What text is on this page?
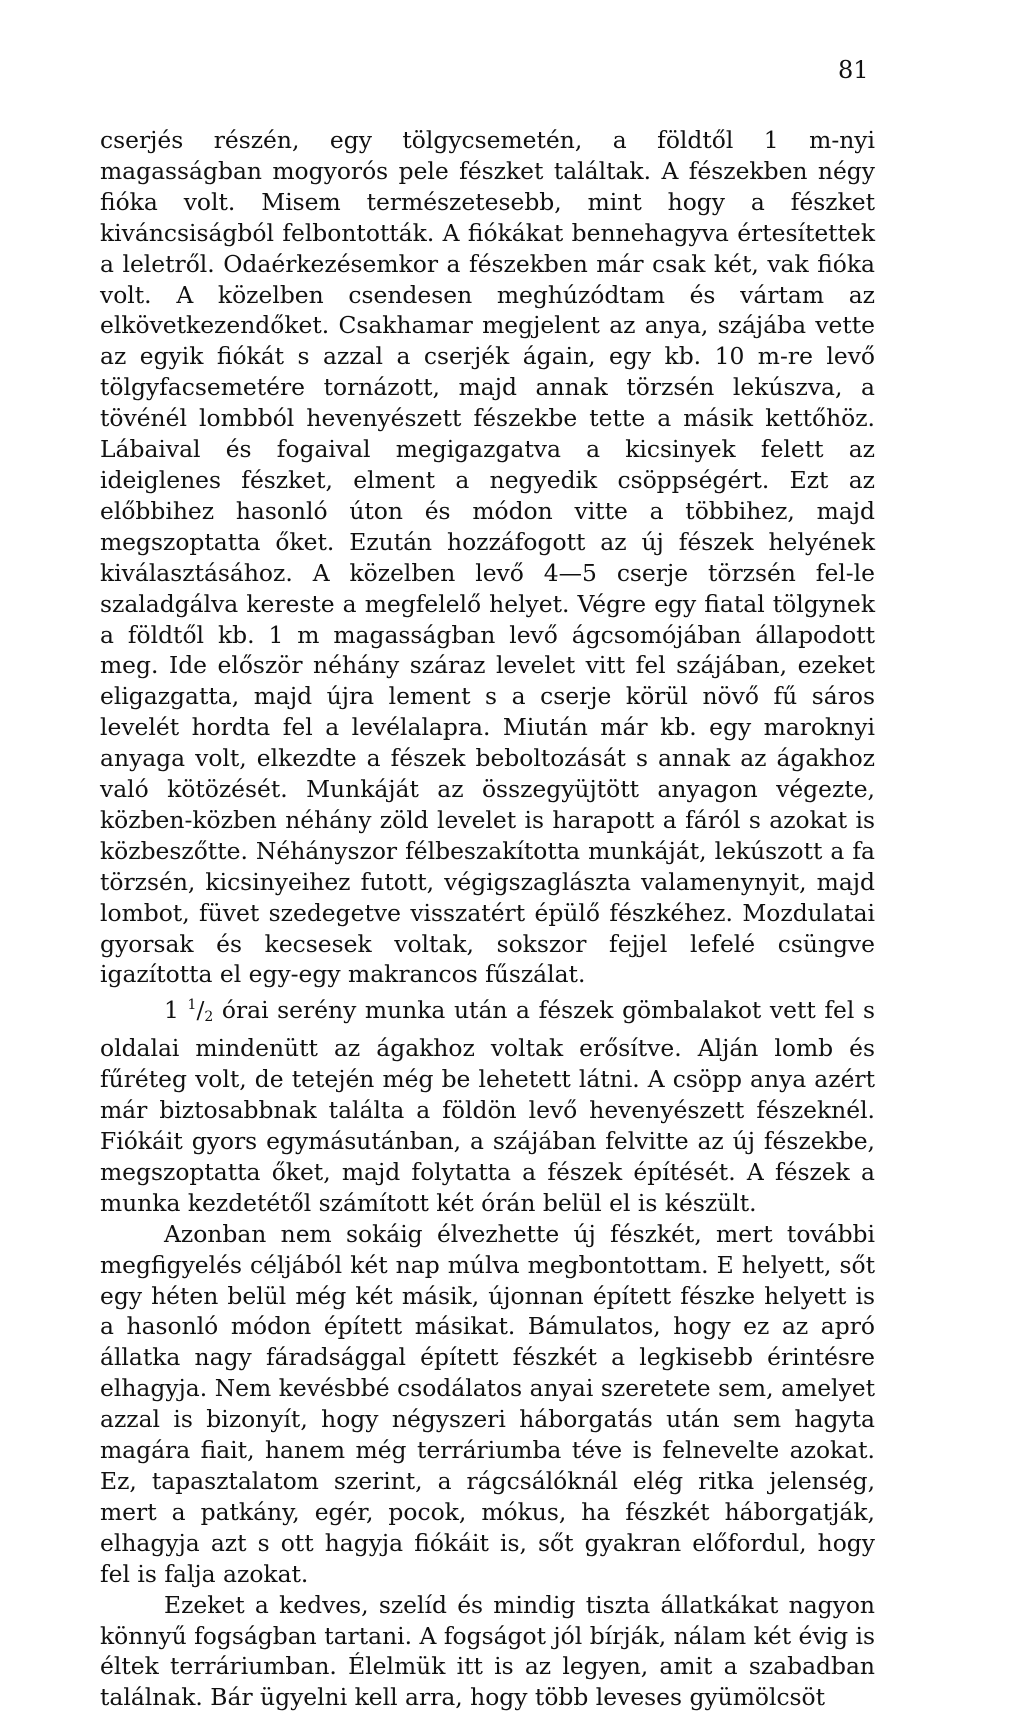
81

cserjés részén, egy tölgycsemetén, a földtől 1 m-nyi magasságban mogyorós pele fészket találtak. A fészekben négy fióka volt. Misem természetesebb, mint hogy a fészket kiváncsiságból felbontották. A fiókákat bennehagyva értesítettek a leletről. Odaérkezésemkor a fészekben már csak két, vak fióka volt. A közelben csendesen meghúzódtam és vártam az elkövetkezendőket. Csakhamar megjelent az anya, szájába vette az egyik fiókát s azzal a cserjék ágain, egy kb. 10 m-re levő tölgyfacsemetére tornázott, majd annak törzsén lekúszva, a tövénél lombból hevenyészett fészekbe tette a másik kettőhöz. Lábaival és fogaival megigazgatva a kicsinyek felett az ideiglenes fészket, elment a negyedik csöppségért. Ezt az előbbihez hasonló úton és módon vitte a többihez, majd megszoptatta őket. Ezután hozzáfogott az új fészek helyének kiválasztásához. A közelben levő 4—5 cserje törzsén fel-le szaladgálva kereste a megfelelő helyet. Végre egy fiatal tölgynek a földtől kb. 1 m magasságban levő ágcsomójában állapodott meg. Ide először néhány száraz levelet vitt fel szájában, ezeket eligazgatta, majd újra lement s a cserje körül növő fű sáros levelét hordta fel a levélalapra. Miután már kb. egy maroknyi anyaga volt, elkezdte a fészek beboltozását s annak az ágakhoz való kötözését. Munkáját az összegyüjtött anyagon végezte, közben-közben néhány zöld levelet is harapott a fáról s azokat is közbeszőtte. Néhányszor félbeszakította munkáját, lekúszott a fa törzsén, kicsinyeihez futott, végigszaglászta valamenynyit, majd lombot, füvet szedegetve visszatért épülő fészkéhez. Mozdulatai gyorsak és kecsesek voltak, sokszor fejjel lefelé csüngve igazította el egy-egy makrancos fűszálat.

1 $^1$/2 órai serény munka után a fészek gömbalakot vett fel s oldalai mindenütt az ágakhoz voltak erősítve. Alján lomb és fűréteg volt, de tetején még be lehetett látni. A csöpp anya azért már biztosabbnak találta a földön levő hevenyészett fészeknél. Fiókáit gyors egymásutánban, a szájában felvitte az új fészekbe, megszoptatta őket, majd folytatta a fészek építését. A fészek a munka kezdetétől számított két órán belül el is készült.

Azonban nem sokáig élvezhette új fészkét, mert további megfigyelés céljából két nap múlva megbontottam. E helyett, sőt egy héten belül még két másik, újonnan épített fészke helyett is a hasonló módon épített másikat. Bámulatos, hogy ez az apró állatka nagy fáradsággal épített fészkét a legkisebb érintésre elhagyja. Nem kevésbbé csodálatos anyai szeretete sem, amelyet azzal is bizonyít, hogy négyszeri háborgatás után sem hagyta magára fiait, hanem még terráriumba téve is felnevelte azokat. Ez, tapasztalatom szerint, a rágcsálóknál elég ritka jelenség, mert a patkány, egér, pocok, mókus, ha fészkét háborgatják, elhagyja azt s ott hagyja fiókáit is, sőt gyakran előfordul, hogy fel is falja azokat.

Ezeket a kedves, szelíd és mindig tiszta állatkákat nagyon könnyű fogságban tartani. A fogságot jól bírják, nálam két évig is éltek terráriumban. Élelmük itt is az legyen, amit a szabadban találnak. Bár ügyelni kell arra, hogy több leveses gyümölcsöt
